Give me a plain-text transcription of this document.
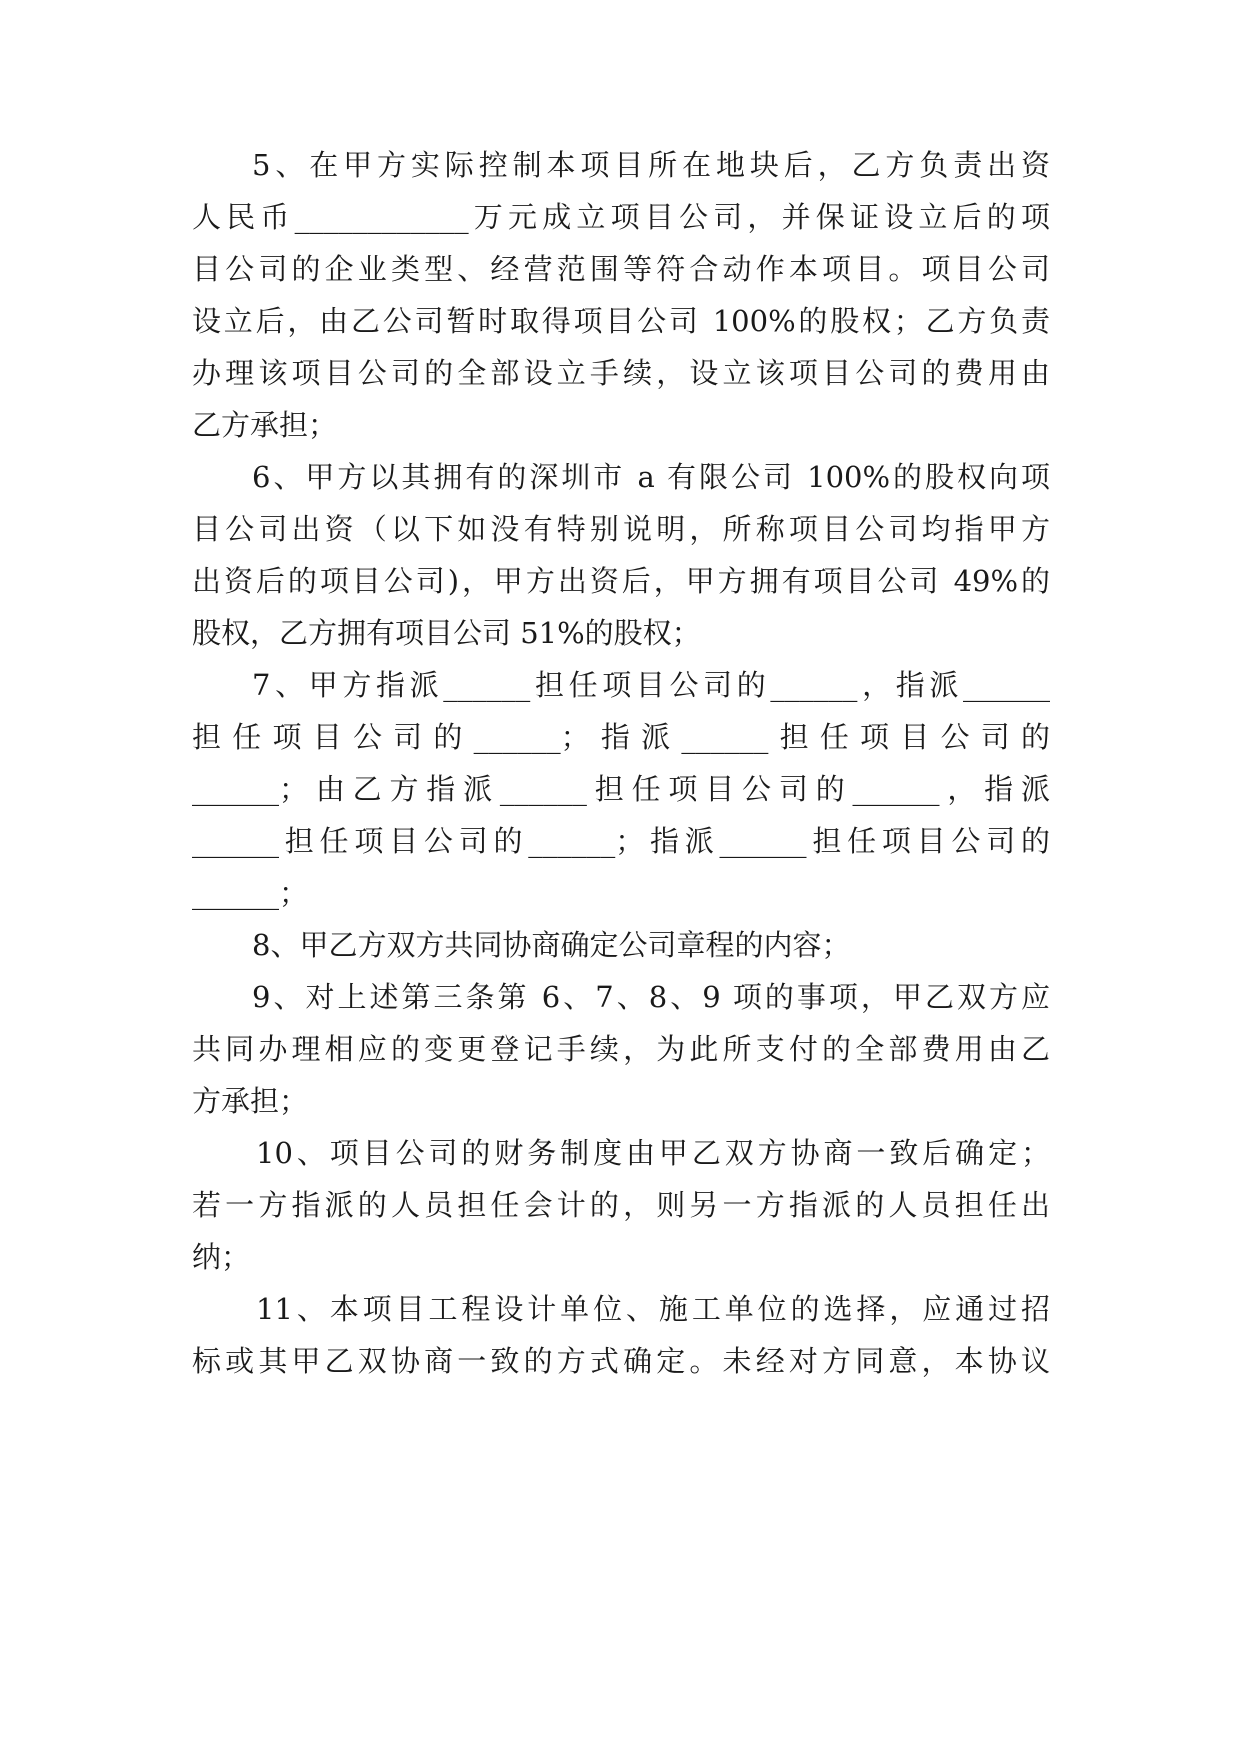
5、在甲方实际控制本项目所在地块后，乙方负责出资
人民币____________万元成立项目公司，并保证设立后的项
目公司的企业类型、经营范围等符合动作本项目。项目公司
设立后，由乙公司暂时取得项目公司 100%的股权；乙方负责
办理该项目公司的全部设立手续，设立该项目公司的费用由
乙方承担；
6、甲方以其拥有的深圳市 a 有限公司 100%的股权向项
目公司出资（以下如没有特别说明，所称项目公司均指甲方
出资后的项目公司)，甲方出资后，甲方拥有项目公司 49%的
股权，乙方拥有项目公司 51%的股权；
7、甲方指派______担任项目公司的______，指派______
担任项目公司的______；指派______担任项目公司的
______；由乙方指派______担任项目公司的______，指派
______担任项目公司的______；指派______担任项目公司的
______；
8、甲乙方双方共同协商确定公司章程的内容；
9、对上述第三条第 6、7、8、9 项的事项，甲乙双方应
共同办理相应的变更登记手续，为此所支付的全部费用由乙
方承担；
10、项目公司的财务制度由甲乙双方协商一致后确定；
若一方指派的人员担任会计的，则另一方指派的人员担任出
纳；
11、本项目工程设计单位、施工单位的选择，应通过招
标或其甲乙双协商一致的方式确定。未经对方同意，本协议
